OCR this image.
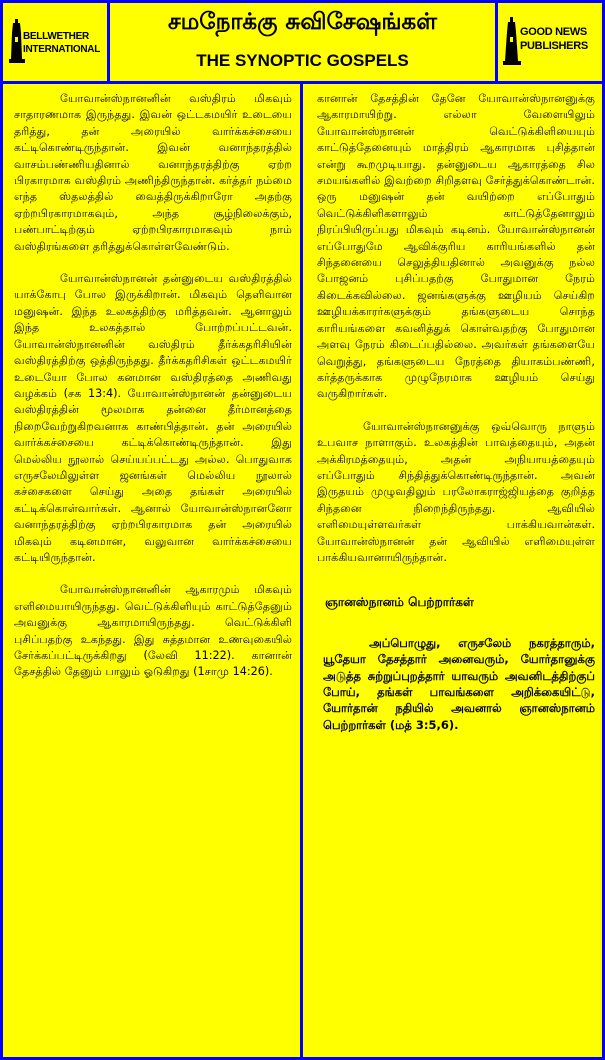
BELLWETHER
INTERNATIONAL
சமநோக்கு சுவிசேஷங்கள்
THE SYNOPTIC GOSPELS
GOOD NEWS
PUBLISHERS

யோவான்ஸ்நானனின் வஸ்திரம் மிகவும் சாதாரணமாக இருந்தது. இவன் ஒட்டகமயிர் உடையை தரித்து, தன் அரையில் வார்க்கச்சையை கட்டிகொண்டிருந்தான். இவன் வனாந்தரத்தில் வாசம்பண்ணியதினால் வனாந்தரத்திற்கு ஏற்ற பிரகாரமாக வஸ்திரம் அணிந்திருந்தான். கர்த்தர் நம்மை எந்த ஸ்தலத்தில் வைத்திருக்கிறாரோ அதற்கு ஏற்றபிரகாரமாகவும், அந்த சூழ்நிலைக்கும், பண்பாட்டிற்கும் ஏற்றபிரகாரமாகவும் நாம் வஸ்திரங்களை தரித்துக்கொள்ளவேண்டும்.

யோவான்ஸ்நானன் தன்னுடைய வஸ்திரத்தில் யாக்கோபு போல இருக்கிறான். மிகவும் தெளிவான மனுஷன். இந்த உலகத்திற்கு மரித்தவன். ஆனாலும் இந்த உலகத்தால் போற்றப்பட்டவன். யோவான்ஸ்நானனின் வஸ்திரம் தீர்க்கதரிசியின் வஸ்திரத்திற்கு ஒத்திருந்தது. தீர்க்கதரிசிகள் ஒட்டகமயிர் உடையோ போல கனமான வஸ்திரத்தை அணிவது வழக்கம் (சக 13:4). யோவான்ஸ்நானன் தன்னுடைய வஸ்திரத்தின் மூலமாக தன்னை தீர்மானத்தை நிறைவேற்றுகிறவனாக காண்பித்தான். தன் அரையில் வார்க்கச்சையை கட்டிக்கொண்டிருந்தான். இது மெல்லிய நூலால் செய்யப்பட்டது அல்ல. பொதுவாக எருசலேமிலுள்ள ஜனங்கள் மெல்லிய நூலால் கச்சைகளை செய்து அதை தங்கள் அரையில் கட்டிக்கொள்வார்கள். ஆனால் யோவான்ஸ்நானனோ வனாந்தரத்திற்கு ஏற்றபிரகாரமாக தன் அரையில் மிகவும் கடினமான, வலுவான வார்க்கச்சையை கட்டியிருந்தான்.

யோவான்ஸ்நானனின் ஆகாரமும் மிகவும் எளிமையாயிருந்தது. வெட்டுக்கிளியும் காட்டுத்தேனும் அவனுக்கு ஆகாரமாயிருந்தது. வெட்டுக்கிளி புசிப்பதற்கு உகந்தது. இது சுத்தமான உணவுகையில் சேர்க்கப்பட்டிருக்கிறது (லேவி 11:22). கானான் தேசத்தில் தேனும் பாலும் ஓடுகிறது (1சாமு 14:26).

கானான் தேசத்தின் தேனே யோவான்ஸ்நானனுக்கு ஆகாரமாயிற்று. எல்லா வேளையிலும் யோவான்ஸ்நானன் வெட்டுக்கிளியையும் காட்டுத்தேனையும் மாத்திரம் ஆகாரமாக புசித்தான் என்று கூறமுடியாது. தன்னுடைய ஆகாரத்தை சில சமயங்களில் இவற்றை சிறிதளவு சேர்த்துக்கொண்டான். ஒரு மனுஷன் தன் வயிற்றை எப்போதும் வெட்டுக்கிளிகளாலும் காட்டுத்தேனாலும் நிரப்பியிருப்பது மிகவும் கடினம். யோவான்ஸ்நானன் எப்போதுமே ஆவிக்குரிய காரியங்களில் தன் சிந்தனையை செலுத்தியதினால் அவனுக்கு நல்ல போஜனம் புசிப்பதற்கு போதுமான நேரம் கிடைக்கவில்லை. ஜனங்களுக்கு ஊழியம் செய்கிற ஊழியக்காரர்களுக்கும் தங்களுடைய சொந்த காரியங்களை கவனித்துக் கொள்வதற்கு போதுமான அளவு நேரம் கிடைப்பதில்லை. அவர்கள் தங்களையே வெறுத்து, தங்களுடைய நேரத்தை தியாகம்பண்ணி, கர்த்தருக்காக முழுநேரமாக ஊழியம் செய்து வருகிறார்கள்.

யோவான்ஸ்நானனுக்கு ஒவ்வொரு நாளும் உபவாச நாளாகும். உலகத்தின் பாவத்தையும், அதன் அக்கிரமத்தையும், அதன் அநியாயத்தையும் எப்போதும் சிந்தித்துக்கொண்டிருந்தான். அவன் இருதயம் முழுவதிலும் பரலோகராஜ்ஜியத்தை குறித்த சிந்தனை நிறைந்திருந்தது. ஆவியில் எளிமையுள்ளவர்கள் பாக்கியவான்கள். யோவான்ஸ்நானன் தன் ஆவியில் எளிமையுள்ள பாக்கியவானாயிருந்தான்.

ஞானஸ்நானம் பெற்றார்கள்

அப்பொழுது, எருசலேம் நகரத்தாரும், யூதேயா தேசத்தார் அனைவரும், யோர்தானுக்கு அடுத்த சுற்றுப்புறத்தார் யாவரும் அவனிடத்திற்குப் போய், தங்கள் பாவங்களை அறிக்கையிட்டு, யோர்தான் நதியில் அவனால் ஞானஸ்நானம் பெற்றார்கள் (மத் 3:5,6).
